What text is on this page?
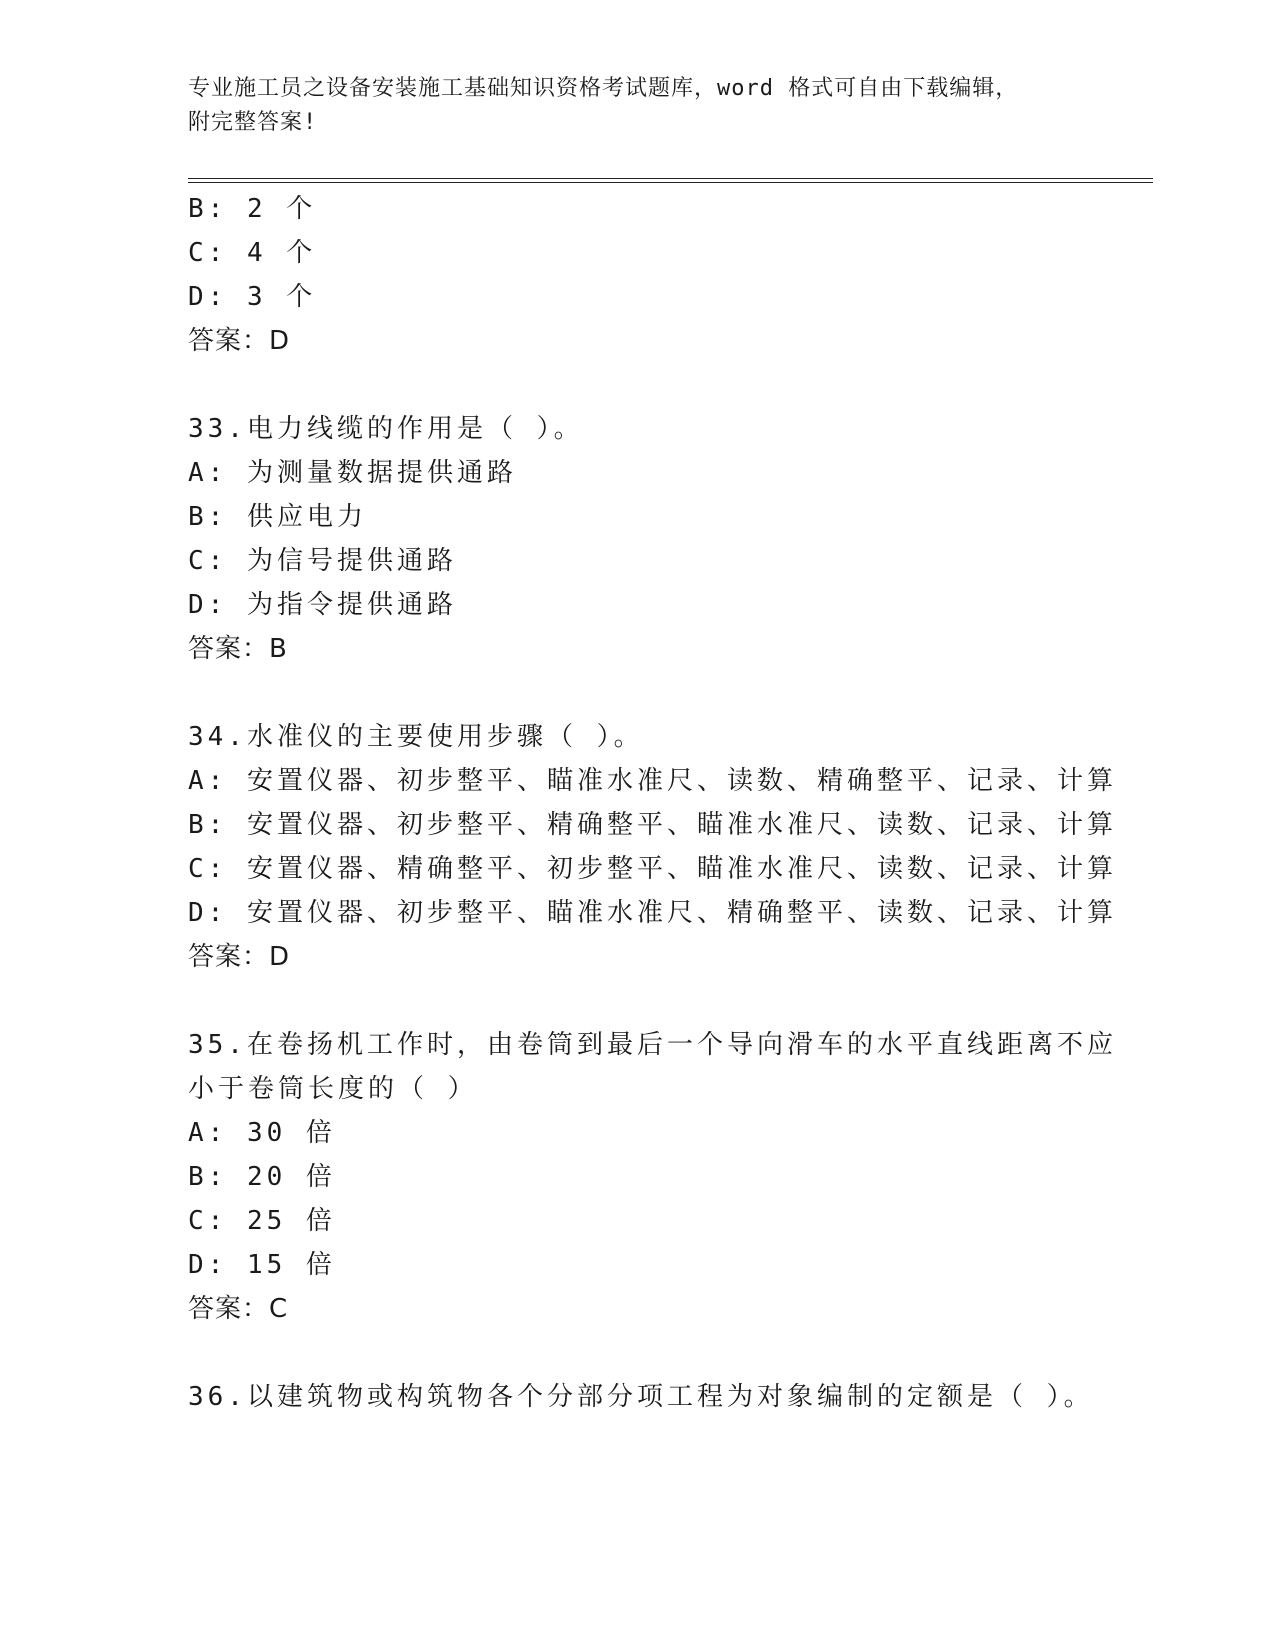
专业施工员之设备安装施工基础知识资格考试题库，word 格式可自由下载编辑，
附完整答案!
B: 2 个
C: 4 个
D: 3 个
答案：D
33.电力线缆的作用是（ ）。
A: 为测量数据提供通路
B: 供应电力
C: 为信号提供通路
D: 为指令提供通路
答案：B
34.水准仪的主要使用步骤（ ）。
A: 安置仪器、初步整平、瞄准水准尺、读数、精确整平、记录、计算
B: 安置仪器、初步整平、精确整平、瞄准水准尺、读数、记录、计算
C: 安置仪器、精确整平、初步整平、瞄准水准尺、读数、记录、计算
D: 安置仪器、初步整平、瞄准水准尺、精确整平、读数、记录、计算
答案：D
35.在卷扬机工作时，由卷筒到最后一个导向滑车的水平直线距离不应
小于卷筒长度的（ ）
A: 30 倍
B: 20 倍
C: 25 倍
D: 15 倍
答案：C
36.以建筑物或构筑物各个分部分项工程为对象编制的定额是（ ）。
